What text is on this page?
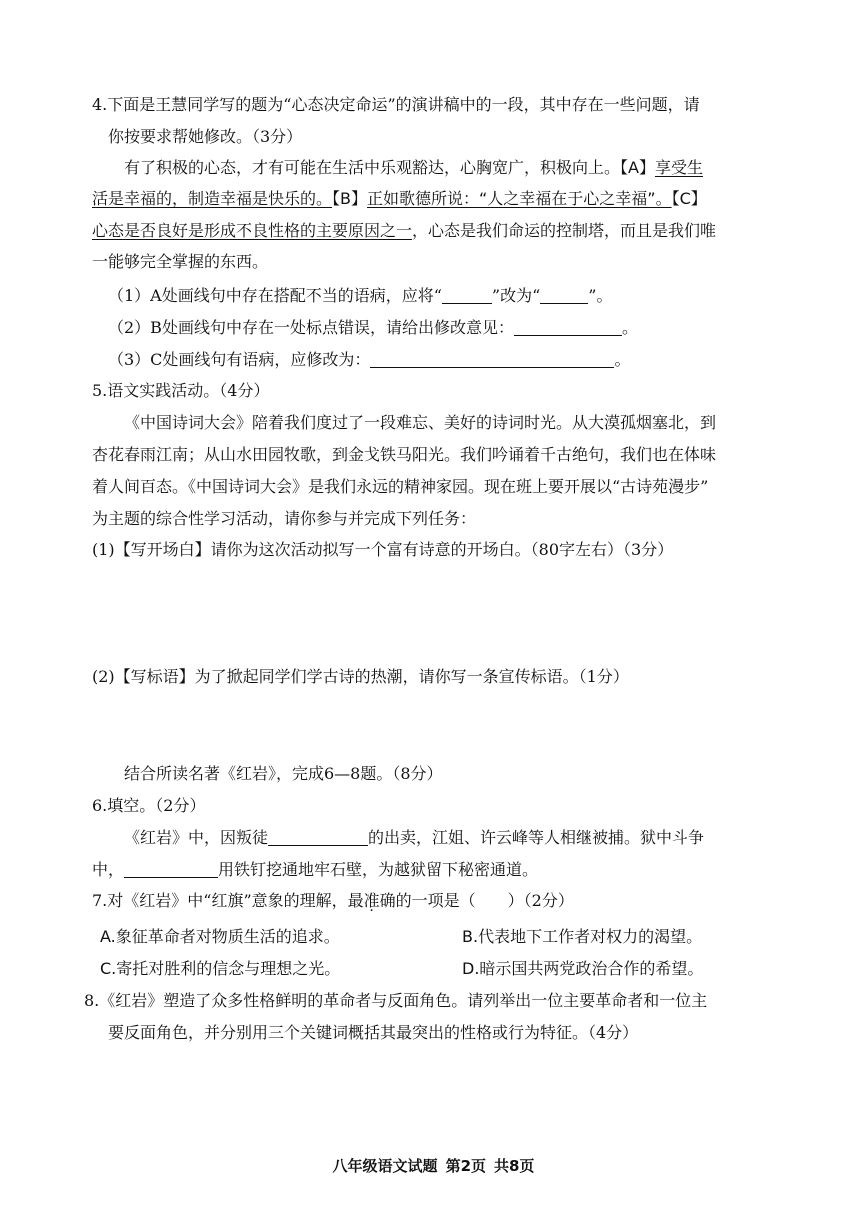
4.下面是王慧同学写的题为“心态决定命运”的演讲稿中的一段，其中存在一些问题，请
你按要求帮她修改。（3分）
有了积极的心态，才有可能在生活中乐观豁达，心胸宽广，积极向上。【A】享受生
活是幸福的，制造幸福是快乐的。【B】正如歌德所说：“人之幸福在于心之幸福”。【C】
心态是否良好是形成不良性格的主要原因之一，心态是我们命运的控制塔，而且是我们唯
一能够完全掌握的东西。
（1）A处画线句中存在搭配不当的语病，应将“	”改为“	”。
（2）B处画线句中存在一处标点错误，请给出修改意见：	。
（3）C处画线句有语病，应修改为：	。
5.语文实践活动。（4分）
《中国诗词大会》陪着我们度过了一段难忘、美好的诗词时光。从大漠孤烟塞北，到
杏花春雨江南；从山水田园牧歌，到金戈铁马阳光。我们吟诵着千古绝句，我们也在体味
着人间百态。《中国诗词大会》是我们永远的精神家园。现在班上要开展以“古诗苑漫步”
为主题的综合性学习活动，请你参与并完成下列任务：
(1)【写开场白】请你为这次活动拟写一个富有诗意的开场白。（80字左右）（3分）
(2)【写标语】为了掀起同学们学古诗的热潮，请你写一条宣传标语。（1分）
结合所读名著《红岩》，完成6—8题。（8分）
6.填空。（2分）
《红岩》中，因叛徒	的出卖，江姐、许云峰等人相继被捕。狱中斗争
中，	用铁钉挖通地牢石壁，为越狱留下秘密通道。
7.对《红岩》中“红旗”意象的理解，最准确的一项是（　　）（2分）
A.象征革命者对物质生活的追求。	B.代表地下工作者对权力的渴望。
C.寄托对胜利的信念与理想之光。	D.暗示国共两党政治合作的希望。
8.《红岩》塑造了众多性格鲜明的革命者与反面角色。请列举出一位主要革命者和一位主
要反面角色，并分别用三个关键词概括其最突出的性格或行为特征。（4分）
八年级语文试题 第2页 共8页
